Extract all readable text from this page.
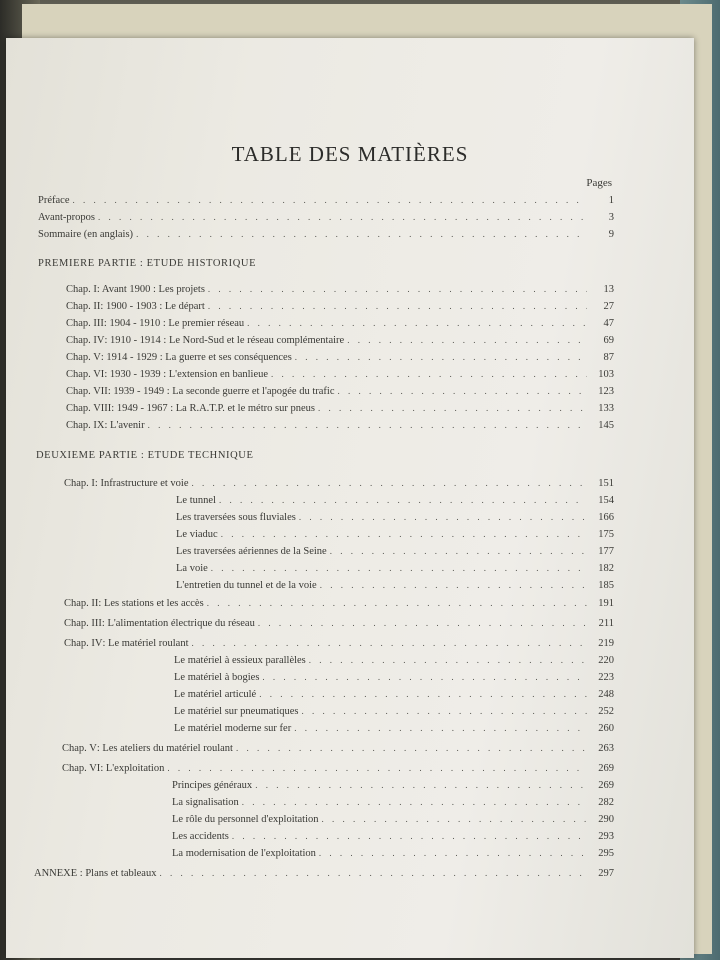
TABLE DES MATIÈRES
Pages
Préface . . .	1
Avant-propos . . .	3
Sommaire (en anglais) . . .	9
PREMIERE PARTIE : ETUDE HISTORIQUE
Chap. I : Avant 1900 : Les projets . . .	13
Chap. II : 1900 - 1903 : Le départ . . .	27
Chap. III : 1904 - 1910 : Le premier réseau . . .	47
Chap. IV : 1910 - 1914 : Le Nord-Sud et le réseau complémentaire . . .	69
Chap. V : 1914 - 1929 : La guerre et ses conséquences . . .	87
Chap. VI : 1930 - 1939 : L'extension en banlieue . . .	103
Chap. VII : 1939 - 1949 : La seconde guerre et l'apogée du trafic . . .	123
Chap. VIII : 1949 - 1967 : La R.A.T.P. et le métro sur pneus . . .	133
Chap. IX : L'avenir . . .	145
DEUXIEME PARTIE : ETUDE TECHNIQUE
Chap. I : Infrastructure et voie . . .	151
Le tunnel . . .	154
Les traversées sous fluviales . . .	166
Le viaduc . . .	175
Les traversées aériennes de la Seine . . .	177
La voie . . .	182
L'entretien du tunnel et de la voie . . .	185
Chap. II : Les stations et les accès . . .	191
Chap. III : L'alimentation électrique du réseau . . .	211
Chap. IV : Le matériel roulant . . .	219
Le matériel à essieux parallèles . . .	220
Le matériel à bogies . . .	223
Le matériel articulé . . .	248
Le matériel sur pneumatiques . . .	252
Le matériel moderne sur fer . . .	260
Chap. V : Les ateliers du matériel roulant . . .	263
Chap. VI : L'exploitation . . .	269
Principes généraux . . .	269
La signalisation . . .	282
Le rôle du personnel d'exploitation . . .	290
Les accidents . . .	293
La modernisation de l'exploitation . . .	295
ANNEXE : Plans et tableaux . . .	297
